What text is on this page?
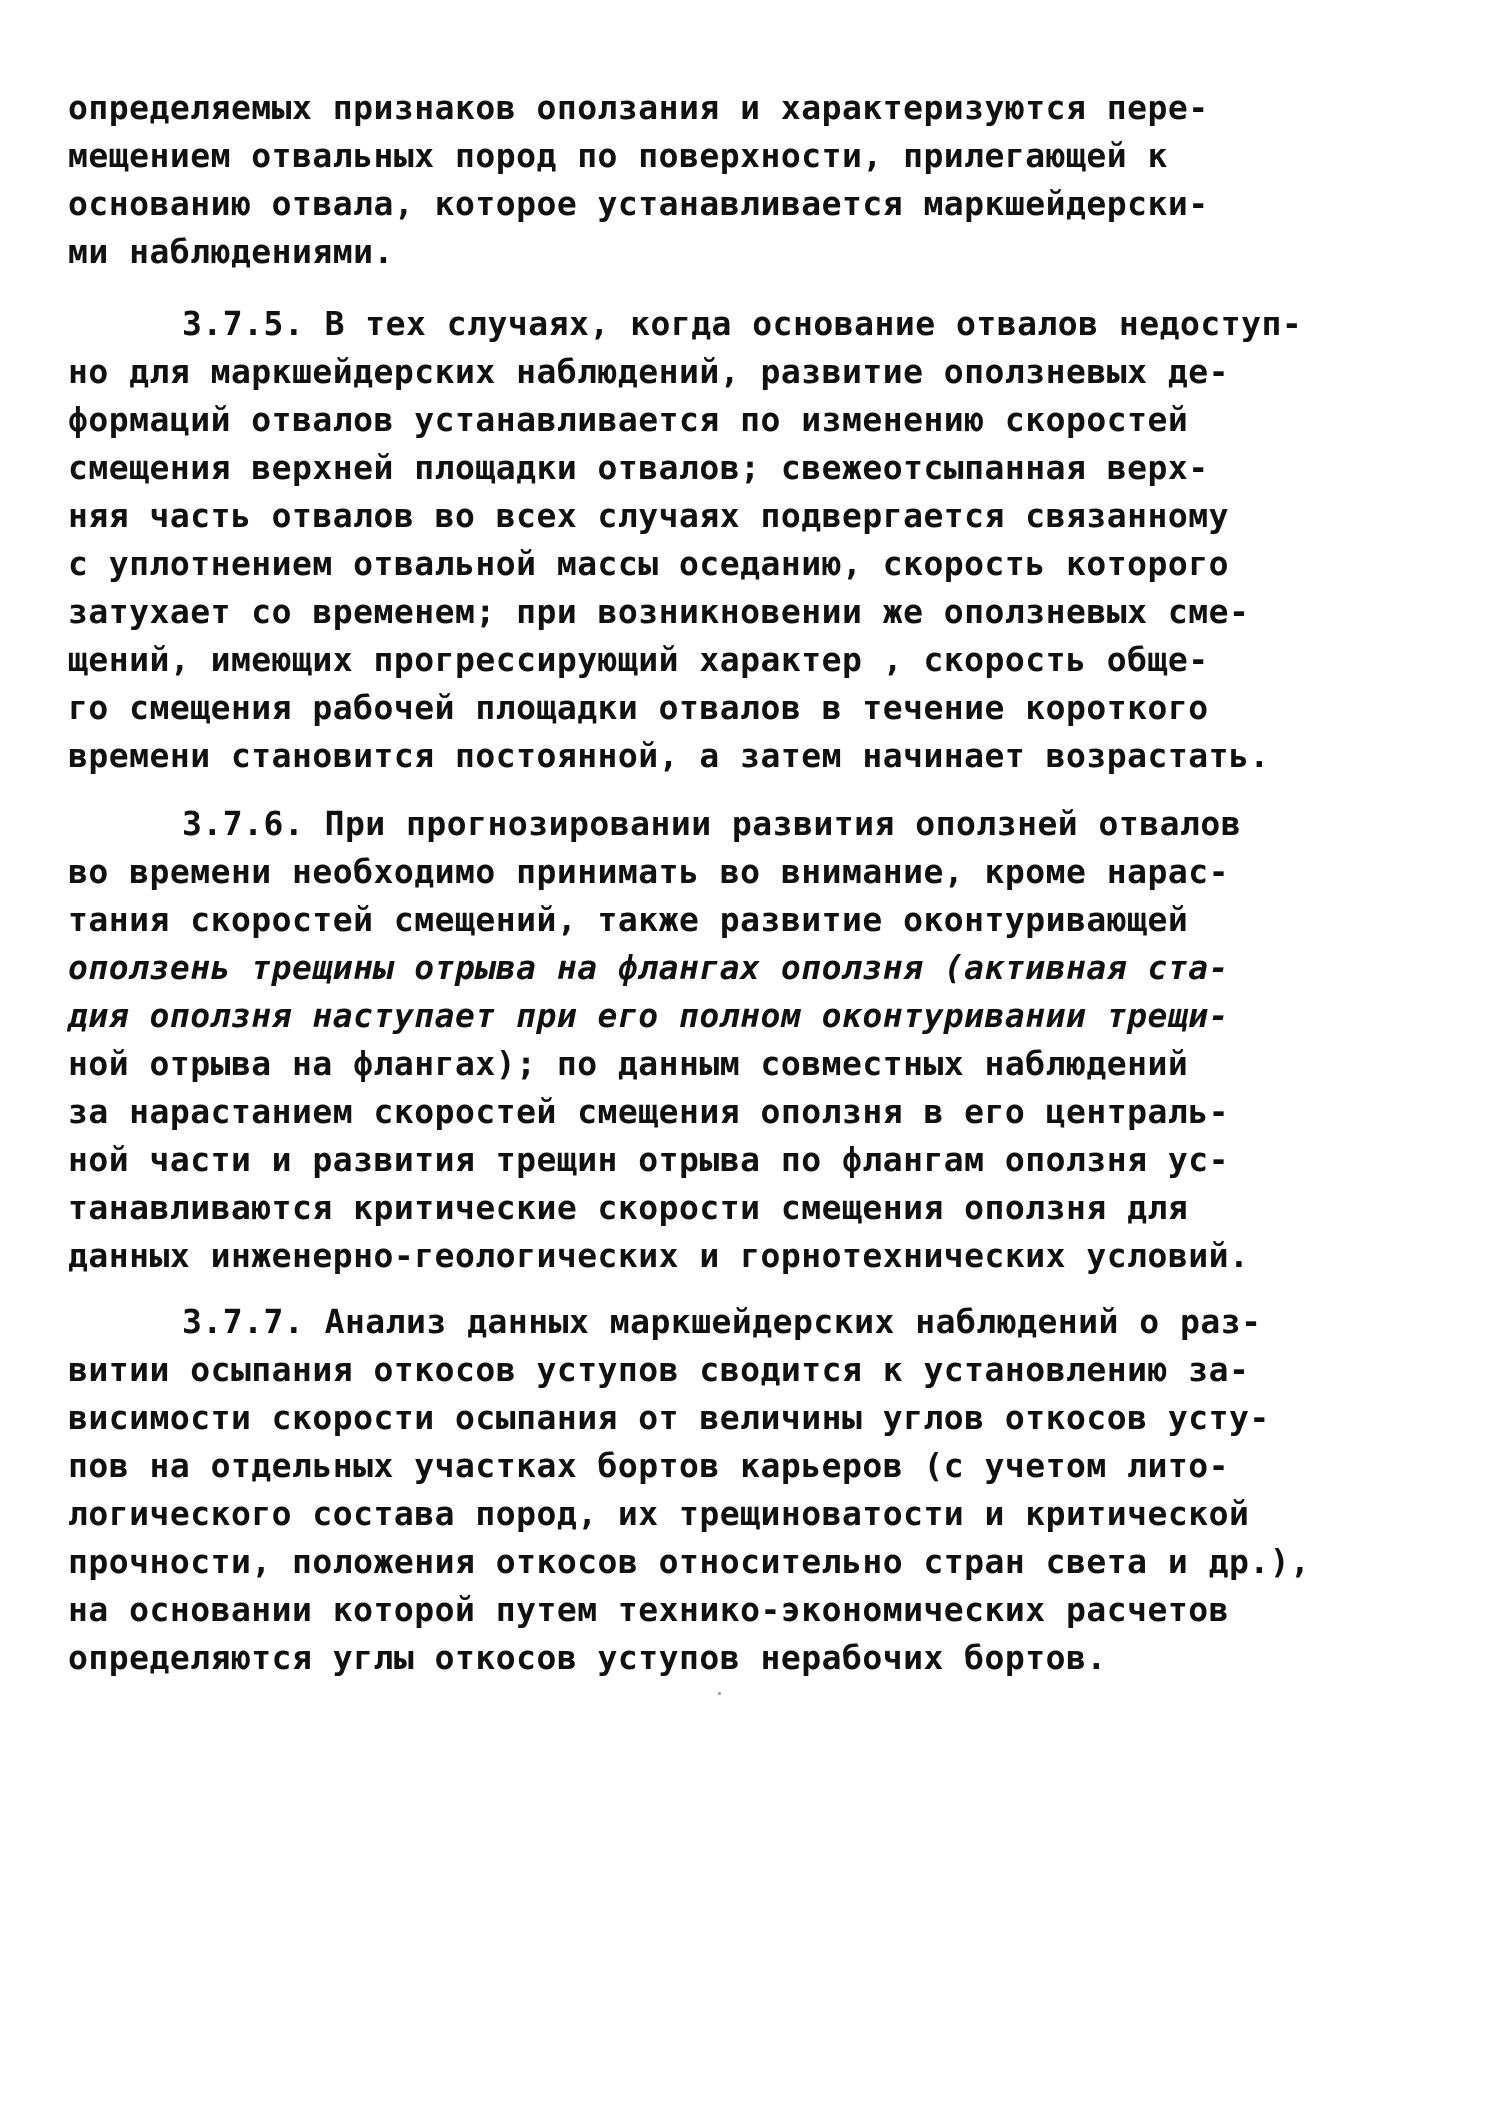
определяемых признаков оползания и характеризуются пере-
мещением отвальных пород по поверхности, прилегающей к
основанию отвала, которое устанавливается маркшейдерски-
ми наблюдениями.
3.7.5. В тех случаях, когда основание отвалов недоступ-
но для маркшейдерских наблюдений, развитие оползневых де-
формаций отвалов устанавливается по изменению скоростей
смещения верхней площадки отвалов; свежеотсыпанная верх-
няя часть отвалов во всех случаях подвергается связанному
с уплотнением отвальной массы оседанию, скорость которого
затухает со временем; при возникновении же оползневых сме-
щений, имеющих прогрессирующий характер , скорость обще-
го смещения рабочей площадки отвалов в течение короткого
времени становится постоянной, а затем начинает возрастать.
3.7.6. При прогнозировании развития оползней отвалов
во времени необходимо принимать во внимание, кроме нарас-
тания скоростей смещений, также развитие оконтуривающей
оползень трещины отрыва на флангах оползня (активная ста-
дия оползня наступает при его полном оконтуривании трещи-
ной отрыва на флангах); по данным совместных наблюдений
за нарастанием скоростей смещения оползня в его централь-
ной части и развития трещин отрыва по флангам оползня ус-
танавливаются критические скорости смещения оползня для
данных инженерно-геологических и горнотехнических условий.
3.7.7. Анализ данных маркшейдерских наблюдений о раз-
витии осыпания откосов уступов сводится к установлению за-
висимости скорости осыпания от величины углов откосов усту-
пов на отдельных участках бортов карьеров (с учетом лито-
логического состава пород, их трещиноватости и критической
прочности, положения откосов относительно стран света и др.),
на основании которой путем технико-экономических расчетов
определяются углы откосов уступов нерабочих бортов.
